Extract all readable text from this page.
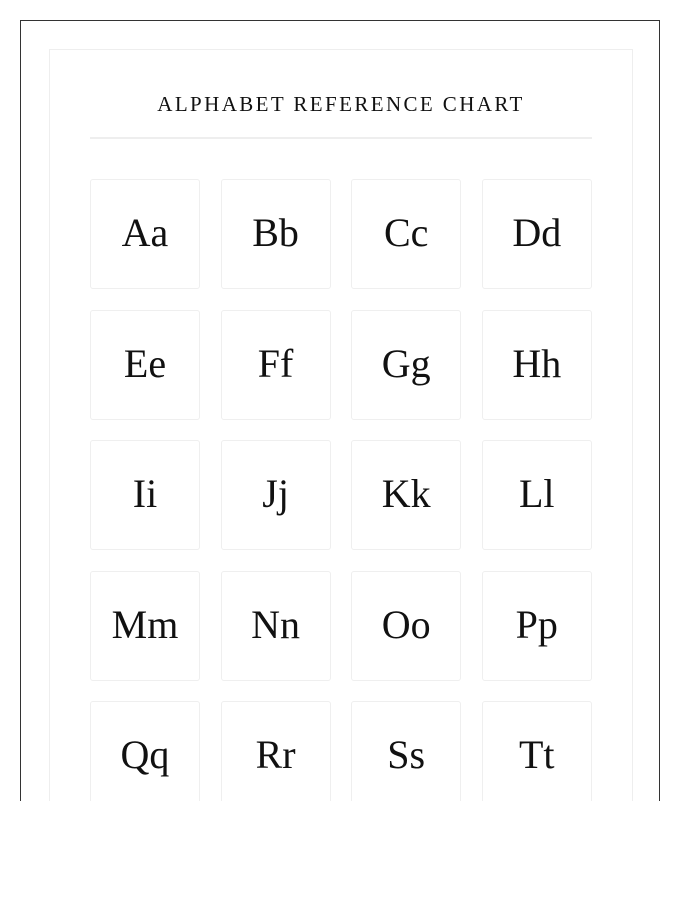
ALPHABET REFERENCE CHART
Aa Bb Cc Dd
Ee Ff Gg Hh
Ii	Jj Kk Ll
Mm Nn Oo Pp
Qq Rr Ss Tt
